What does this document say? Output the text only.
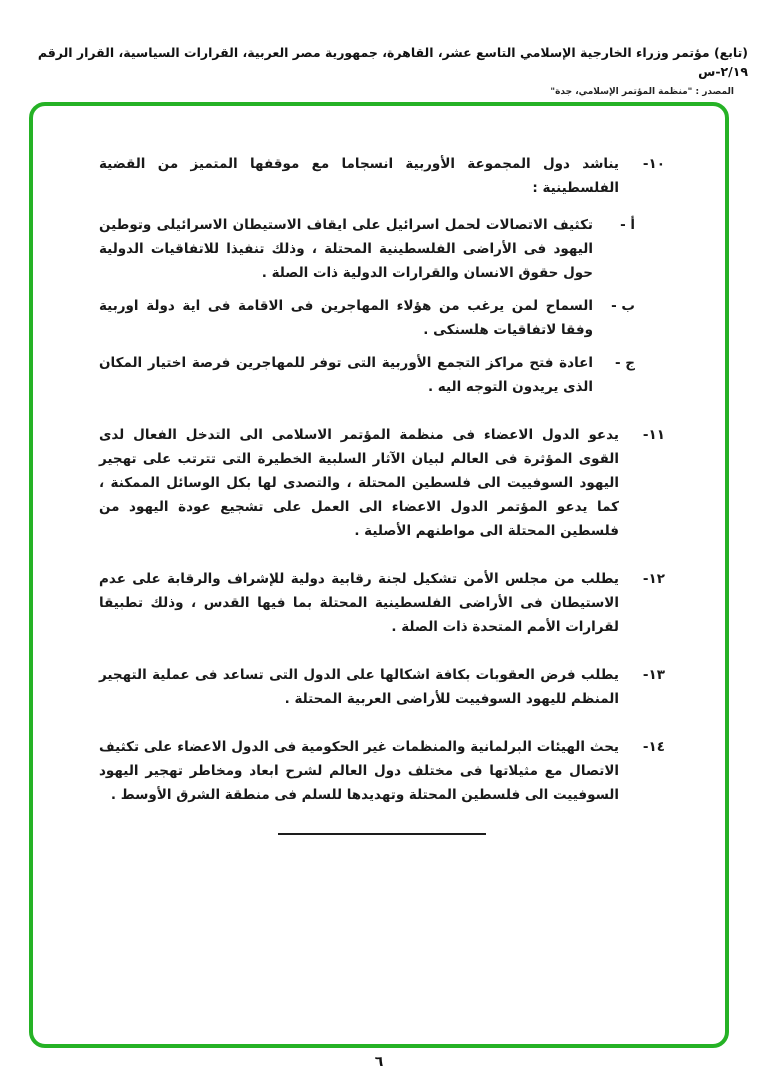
(تابع) مؤتمر وزراء الخارجية الإسلامي التاسع عشر، القاهرة، جمهورية مصر العربية، القرارات السياسية، القرار الرقم ٢/١٩-س
المصدر : "منظمة المؤتمر الإسلامي، جدة"
١٠-
يناشد دول المجموعة الأوربية انسجاما مع موقفها المتميز من القضية الفلسطينية :
أ -
تكثيف الاتصالات لحمل اسرائيل على ايقاف الاستيطان الاسرائيلى وتوطين اليهود فى الأراضى الفلسطينية المحتلة ، وذلك تنفيذا للاتفاقيات الدولية حول حقوق الانسان والقرارات الدولية ذات الصلة .
ب -
السماح لمن يرغب من هؤلاء المهاجرين فى الاقامة فى اية دولة اوربية وفقا لاتفاقيات هلسنكى .
ج -
اعادة فتح مراكز التجمع الأوربية التى توفر للمهاجرين فرصة اختيار المكان الذى يريدون التوجه اليه .
١١-
يدعو الدول الاعضاء فى منظمة المؤتمر الاسلامى الى التدخل الفعال لدى القوى المؤثرة فى العالم لبيان الآثار السلبية الخطيرة التى تترتب على تهجير اليهود السوفييت الى فلسطين المحتلة ، والتصدى لها بكل الوسائل الممكنة ، كما يدعو المؤتمر الدول الاعضاء الى العمل على تشجيع عودة اليهود من فلسطين المحتلة الى مواطنهم الأصلية .
١٢-
يطلب من مجلس الأمن تشكيل لجنة رقابية دولية للإشراف والرقابة على عدم الاستيطان فى الأراضى الفلسطينية المحتلة بما فيها القدس ، وذلك تطبيقا لقرارات الأمم المتحدة ذات الصلة .
١٣-
يطلب فرض العقوبات بكافة اشكالها على الدول التى تساعد فى عملية التهجير المنظم لليهود السوفييت للأراضى العربية المحتلة .
١٤-
يحث الهيئات البرلمانية والمنظمات غير الحكومية فى الدول الاعضاء على تكثيف الاتصال مع مثيلاتها فى مختلف دول العالم لشرح ابعاد ومخاطر تهجير اليهود السوفييت الى فلسطين المحتلة وتهديدها للسلم فى منطقة الشرق الأوسط .
٦
